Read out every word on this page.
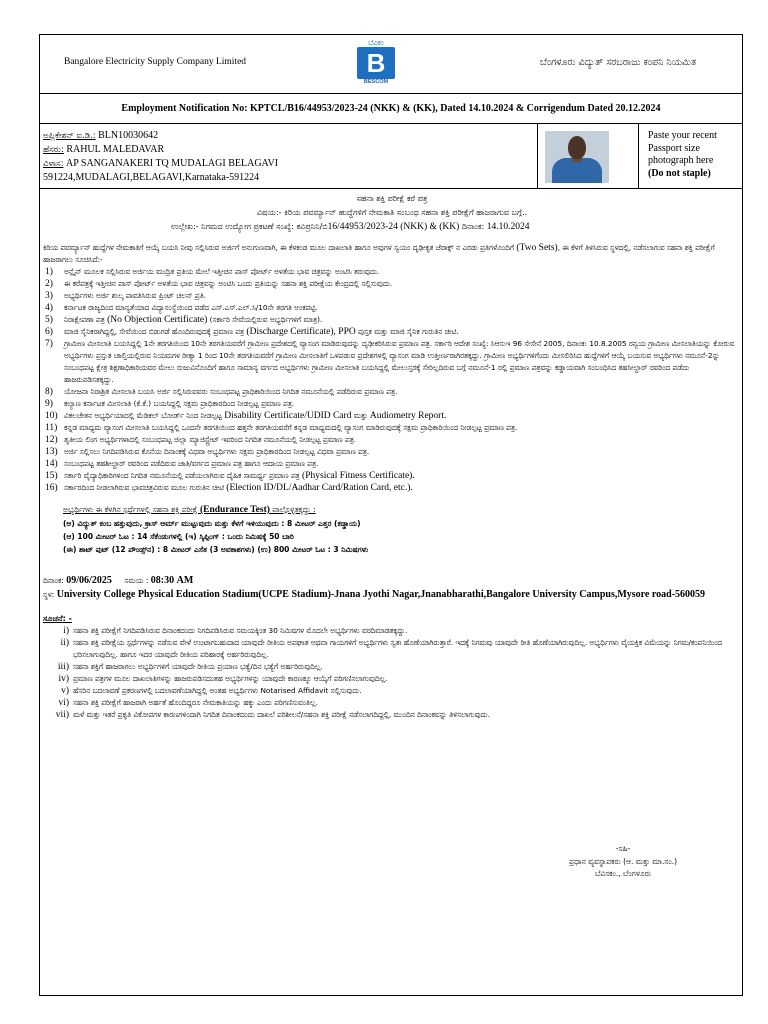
Bangalore Electricity Supply Company Limited
ಬೆವಿಕಂ
B
BESCOM
ಬೆಂಗಳೂರು ವಿದ್ಯುತ್ ಸರಬರಾಜು ಕಂಪನಿ ನಿಯಮಿತ
Employment Notification No: KPTCL/B16/44953/2023-24 (NKK) & (KK), Dated 14.10.2024 & Corrigendum Dated 20.12.2024
ಅಪ್ಲಿಕೇಶನ್ ಐ.ಡಿ.: BLN10030642
ಹೆಸರು: RAHUL MALEDAVAR
ವಿಳಾಸ: AP SANGANAKERI TQ MUDALAGI BELAGAVI
591224,MUDALAGI,BELAGAVI,Karnataka-591224
Paste your recent
Passport size
photograph here
(Do not staple)
ಸಹನಾ ಶಕ್ತಿ ಪರೀಕ್ಷೆ ಕರೆ ಪತ್ರ
ವಿಷಯ:- ಕಿರಿಯ ಪವರ್ಮ್ಯಾನ್ ಹುದ್ದೆಗಳಿಗೆ ನೇಮಕಾತಿ ಸಂಬಂಧ ಸಹನಾ ಶಕ್ತಿ ಪರೀಕ್ಷೆಗೆ ಹಾಜರಾಗುವ ಬಗ್ಗೆ..
ಉಲ್ಲೇಖ:- ನಿಗಮದ ಉದ್ಯೋಗ ಪ್ರಕಟಣೆ ಸಂಖ್ಯೆ: ಕವಿಪ್ರನಿನಿ/ಬಿ16/44953/2023-24 (NKK) & (KK) ದಿನಾಂಕ: 14.10.2024
ಕಿರಿಯ ಪವರ್ಮ್ಯಾನ್ ಹುದ್ದೆಗಳ ನೇಮಕಾತಿಗೆ ಆಯ್ಕೆ ಬಯಸಿ ನೀವು ಸಲ್ಲಿಸಿರುವ ಅರ್ಜಿಗೆ ಅನುಗುಣವಾಗಿ, ಈ ಕೆಳಕಂಡ ಮೂಲ ದಾಖಲಾತಿ ಹಾಗೂ ಅವುಗಳ ಸ್ವಯಂ ದೃಢೀಕೃತ ಜೆರಾಕ್ಸ್ ನ ಎರಡು ಪ್ರತಿಗಳೊಂದಿಗೆ (Two Sets), ಈ ಕೆಳಗೆ ತಿಳಿಸಿರುವ ಸ್ಥಳದಲ್ಲಿ, ನಡೆಸಲಾಗುವ ಸಹನಾ ಶಕ್ತಿ ಪರೀಕ್ಷೆಗೆ ಹಾಜರಾಗಲು ಸೂಚಿಸಿದೆ:-
1) ಅನ್ಲೈನ್ ಮೂಲಕ ಸಲ್ಲಿಸಿರುವ ಅರ್ಜಿಯ ಮುದ್ರಿತ ಪ್ರತಿಯ ಮೇಲೆ ಇತ್ತೀಚಿನ ಪಾಸ್ ಪೋರ್ಟ್ ಅಳತೆಯ ಭಾವ ಚಿತ್ರವನ್ನು ಅಂಟಿಸಿ ತರುವುದು.
2) ಈ ಕರೆಪತ್ರಕ್ಕೆ ಇತ್ತೀಚಿನ ಪಾಸ್ ಪೋರ್ಟ್ ಅಳತೆಯ ಭಾವ ಚಿತ್ರವನ್ನು ಅಂಟಿಸಿ ಒಂದು ಪ್ರತಿಯನ್ನು ಸಹನಾ ಶಕ್ತಿ ಪರೀಕ್ಷೆಯ ಕೇಂದ್ರದಲ್ಲಿ ಸಲ್ಲಿಸುವುದು.
3) ಅಭ್ಯರ್ಥಿಗಳು ಅರ್ಜಿ ಶುಲ್ಕ ಪಾವತಿಸಿರುವ ಪ್ರಿಂಟ್ ಚಲನ್ ಪ್ರತಿ.
4) ಕರ್ನಾಟಕ ರಾಜ್ಯದಿಂದ ಮಾನ್ಯತೆಯಾದ ವಿದ್ಯಾಸಂಸ್ಥೆಯಿಂದ ಪಡೆದ ಎಸ್.ಎಸ್.ಎಲ್.ಸಿ/10ನೇ ತರಗತಿ ಅಂಕಪಟ್ಟಿ.
5) ನಿರಾಕ್ಷೇಪಣಾ ಪತ್ರ (No Objection Certificate) (ಸರ್ಕಾರಿ ಸೇವೆಯಲ್ಲಿರುವ ಅಭ್ಯರ್ಥಿಗಳಿಗೆ ಮಾತ್ರ).
6) ಮಾಜಿ ಸೈನಿಕರಾಗಿದ್ದಲ್ಲಿ, ಸೇವೆಯಿಂದ ಬಿಡುಗಡೆ ಹೊಂದಿರುವುದಕ್ಕೆ ಪ್ರಮಾಣ ಪತ್ರ (Discharge Certificate), PPO ಪುಸ್ತಕ ಮತ್ತು ಮಾಜಿ ಸೈನಿಕ ಗುರುತಿನ ಚೀಟಿ.
7) ಗ್ರಾಮೀಣ ಮೀಸಲಾತಿ ಬಯಸಿದ್ದಲ್ಲಿ 1ನೇ ತರಗತಿಯಿಂದ 10ನೇ ತರಗತಿಯವರೆಗೆ ಗ್ರಾಮೀಣ ಪ್ರದೇಶದಲ್ಲಿ ವ್ಯಾಸಂಗ ಮಾಡಿರುವುದನ್ನು ದೃಢೀಕರಿಸಿರುವ ಪ್ರಮಾಣ ಪತ್ರ. ಸರ್ಕಾರಿ ಆದೇಶ ಸಂಖ್ಯೆ: ಸಿಆಸುಇ 96 ಸೇಸೇನೆ 2005, ದಿನಾಂಕ: 10.8.2005 ರನ್ವಯ ಗ್ರಾಮೀಣ ಮೀಸಲಾತಿಯನ್ನು ಕೋರುವ ಅಭ್ಯರ್ಥಿಗಳು ಪ್ರಸ್ತುತ ಚಾಲ್ತಿಯಲ್ಲಿರುವ ನಿಯಮಗಳ ರೀತ್ಯಾ 1 ರಿಂದ 10ನೇ ತರಗತಿಯವರೆಗೆ ಗ್ರಾಮೀಣ ಮೀಸಲಾತಿಗೆ ಒಳಪಡುವ ಪ್ರದೇಶಗಳಲ್ಲಿ ವ್ಯಾಸಂಗ ಮಾಡಿ ಉತ್ತೀರ್ಣರಾಗಿರತಕ್ಕದ್ದು. ಗ್ರಾಮೀಣ ಅಭ್ಯರ್ಥಿಗಳಿಗೆಂದು ಮೀಸಲಿರಿಸಿದ ಹುದ್ದೆಗಳಿಗೆ ಆಯ್ಕೆ ಬಯಸುವ ಅಭ್ಯರ್ಥಿಗಳು ನಮೂನೆ-2ನ್ನು ಸಂಬಂಧಪಟ್ಟ ಕ್ಷೇತ್ರ ಶಿಕ್ಷಣಾಧಿಕಾರಿಯವರ ಮೇಲು ರುಜುವಿನೊಂದಿಗೆ ಹಾಗೂ ಸಾಮಾನ್ಯ ವರ್ಗದ ಅಭ್ಯರ್ಥಿಗಳು ಗ್ರಾಮೀಣ ಮೀಸಲಾತಿ ಬಯಸಿದ್ದಲ್ಲಿ ಮೇಲುಸ್ತರಕ್ಕೆ ಸೇರಿಲ್ಲದಿರುವ ಬಗ್ಗೆ ನಮೂನೆ-1 ರಲ್ಲಿ ಪ್ರಮಾಣ ಪತ್ರವನ್ನು ಕಡ್ಡಾಯವಾಗಿ ಸಂಬಂಧಿಸಿದ ತಹಸೀಲ್ದಾರ್ ರವರಿಂದ ಪಡೆದು ಹಾಜರುಪಡಿಸತಕ್ಕದ್ದು.
8) ಯೋಜನಾ ನಿರಾಶ್ರಿತ ಮೀಸಲಾತಿ ಬಯಸಿ ಅರ್ಜಿ ಸಲ್ಲಿಸಿರುವವರು ಸಂಬಂಧಪಟ್ಟ ಪ್ರಾಧಿಕಾರಿಯಿಂದ ನಿಗದಿತ ನಮೂನೆಯಲ್ಲಿ ಪಡೆದಿರುವ ಪ್ರಮಾಣ ಪತ್ರ.
9) ಕಲ್ಯಾಣ ಕರ್ನಾಟಕ ಮೀಸಲಾತಿ (ಕೆ.ಕೆ.) ಬಯಸಿದ್ದಲ್ಲಿ ಸಕ್ಷಮ ಪ್ರಾಧಿಕಾರದಿಂದ ನೀಡಲ್ಪಟ್ಟ ಪ್ರಮಾಣ ಪತ್ರ.
10) ವಿಕಲಚೇತನ ಅಭ್ಯರ್ಥಿಯಾದಲ್ಲಿ ಮೆಡಿಕಲ್ ಬೋರ್ಡ್ ನಿಂದ ನೀಡಲ್ಪಟ್ಟ Disability Certificate/UDID Card ಮತ್ತು Audiometry Report.
11) ಕನ್ನಡ ಮಾಧ್ಯಮ ವ್ಯಾಸಂಗ ಮೀಸಲಾತಿ ಬಯಸಿದ್ದಲ್ಲಿ ಒಂದನೇ ತರಗತಿಯಿಂದ ಹತ್ತನೇ ತರಗತಿಯವರೆಗೆ ಕನ್ನಡ ಮಾಧ್ಯಮದಲ್ಲಿ ವ್ಯಾಸಂಗ ಮಾಡಿರುವುದಕ್ಕೆ ಸಕ್ಷಮ ಪ್ರಾಧಿಕಾರಿಯಿಂದ ನೀಡಲ್ಪಟ್ಟ ಪ್ರಮಾಣ ಪತ್ರ.
12) ತೃತೀಯ ಲಿಂಗ ಅಭ್ಯರ್ಥಿಗಳಾದಲ್ಲಿ ಸಂಬಂಧಪಟ್ಟ ಜಿಲ್ಲಾ ಮ್ಯಾಜಿಸ್ಟ್ರೇಟ್ ಇವರಿಂದ ನಿಗದಿತ ನಮೂನೆಯಲ್ಲಿ ನೀಡಲ್ಪಟ್ಟ ಪ್ರಮಾಣ ಪತ್ರ.
13) ಅರ್ಜಿ ಸಲ್ಲಿಸಲು ನಿಗದಿಪಡಿಸಿರುವ ಕೊನೆಯ ದಿನಾಂಕಕ್ಕೆ ವಿಧವಾ ಅಭ್ಯರ್ಥಿಗಳು ಸಕ್ಷಮ ಪ್ರಾಧಿಕಾರದಿಂದ ನೀಡಲ್ಪಟ್ಟ ವಿಧವಾ ಪ್ರಮಾಣ ಪತ್ರ.
14) ಸಂಬಂಧಪಟ್ಟ ತಹಶೀಲ್ದಾರ್ ರವರಿಂದ ಪಡೆದಿರುವ ಜಾತಿ/ವರ್ಗದ ಪ್ರಮಾಣ ಪತ್ರ ಹಾಗೂ ಆದಾಯ ಪ್ರಮಾಣ ಪತ್ರ.
15) ಸರ್ಕಾರಿ ವೈದ್ಯಾಧಿಕಾರಿಗಳಿಂದ ನಿಗದಿತ ನಮೂನೆಯಲ್ಲಿ ಪಡೆಯಲಾಗಿರುವ ದೈಹಿಕ ಸಾಮರ್ಥ್ಯ ಪ್ರಮಾಣ ಪತ್ರ (Physical Fitness Certificate).
16) ಸರ್ಕಾರದಿಂದ ನೀಡಲಾಗಿರುವ ಭಾವಚಿತ್ರವಿರುವ ಮೂಲ ಗುರುತಿನ ಚೀಟಿ (Election ID/DL/Aadhar Card/Ration Card, etc.).
ಅಭ್ಯರ್ಥಿಗಳು ಈ ಕೆಳಗಿನ ಸ್ಪರ್ಧೆಗಳಲ್ಲಿ ಸಹನಾ ಶಕ್ತಿ ಪರೀಕ್ಷೆ (Endurance Test) ಪಾಲ್ಗೊಳ್ಳತಕ್ಕದ್ದು :
(ಅ) ವಿದ್ಯುತ್ ಕಂಬ ಹತ್ತುವುದು, ಕ್ರಾಸ್ ಆರ್ಮ್ ಮುಟ್ಟುವುದು ಮತ್ತು ಕೆಳಗೆ ಇಳಿಯುವುದು : 8 ಮೀಟರ್ ಎತ್ತರ (ಕಡ್ಡಾಯ)
(ಆ) 100 ಮೀಟರ್ ಓಟ : 14 ಸೆಕೆಂಡುಗಳಲ್ಲಿ (ಇ) ಸ್ಕಿಪ್ಪಿಂಗ್ : ಒಂದು ನಿಮಿಷಕ್ಕೆ 50 ಬಾರಿ
(ಈ) ಶಾಟ್ ಪುಟ್ (12 ಪೌಂಡ್ಸ್‌ನ) : 8 ಮೀಟರ್ ಎಸೆತ (3 ಅವಕಾಶಗಳು) (ಉ) 800 ಮೀಟರ್ ಓಟ : 3 ನಿಮಿಷಗಳು
ದಿನಾಂಕ: 09/06/2025 ಸಮಯ : 08:30 AM
ಸ್ಥಳ: University College Physical Education Stadium(UCPE Stadium)-Jnana Jyothi Nagar,Jnanabharathi,Bangalore University Campus,Mysore road-560059
ಸೂಚನೆ: -
i) ಸಹನಾ ಶಕ್ತಿ ಪರೀಕ್ಷೆಗೆ ನಿಗದಿಪಡಿಸಿರುವ ದಿನಾಂಕದಂದು ನಿಗದಿಪಡಿಸಿರುವ ಸಮಯಕ್ಕಿಂತ 30 ನಿಮಿಷಗಳ ಮೊದಲೇ ಅಭ್ಯರ್ಥಿಗಳು ವರದಿಮಾಡತಕ್ಕದ್ದು.
ii) ಸಹನಾ ಶಕ್ತಿ ಪರೀಕ್ಷೆಯ ಸ್ಪರ್ಧೆಗಳನ್ನು ನಡೆಸುವ ವೇಳೆ ಉಂಟಾಗಬಹುದಾದ ಯಾವುದೇ ರೀತಿಯ ಅಪಘಾತ ಅಥವಾ ಗಾಯಗಳಿಗೆ ಅಭ್ಯರ್ಥಿಗಳು ಸ್ವತಃ ಹೊಣೆಯಾಗಿರುತ್ತಾರೆ. ಇದಕ್ಕೆ ನಿಗಮವು ಯಾವುದೇ ರೀತಿ ಹೊಣೆಯಾಗಿರುವುದಿಲ್ಲ. ಅಭ್ಯರ್ಥಿಗಳು ವೈಯಕ್ತಿಕ ವಿಮೆಯನ್ನು ನಿಗಮ/ಕಂಪನಿಯಿಂದ ಭರಿಸಲಾಗುವುದಿಲ್ಲ. ಹಾಗೂ ಇದರ ಯಾವುದೇ ರೀತಿಯ ಪರಿಹಾರಕ್ಕೆ ಅರ್ಹರಿರುವುದಿಲ್ಲ.
iii) ಸಹನಾ ಶಕ್ತಿಗೆ ಹಾಜರಾಗಲು ಅಭ್ಯರ್ಥಿಗಳಿಗೆ ಯಾವುದೇ ರೀತಿಯ ಪ್ರಯಾಣ ಭತ್ಯೆ/ದಿನ ಭತ್ಯೆಗೆ ಅರ್ಹರಿರುವುದಿಲ್ಲ.
iv) ಪ್ರಮಾಣ ಪತ್ರಗಳ ಮೂಲ ದಾಖಲಾತಿಗಳನ್ನು ಹಾಜರುಪಡಿಸದಂತಹ ಅಭ್ಯರ್ಥಿಗಳನ್ನು ಯಾವುದೇ ಕಾರಣಕ್ಕೂ ಆಯ್ಕೆಗೆ ಪರಿಗಣಿಸಲಾಗುವುದಿಲ್ಲ.
v) ಹೆಸರಿನ ಬದಲಾವಣೆ ಪ್ರಕರಣಗಳಲ್ಲಿ ಬದಲಾವಣೆಯಾಗಿದ್ದಲ್ಲಿ ಅಂತಹ ಅಭ್ಯರ್ಥಿಗಳು Notarised Affidavit ಸಲ್ಲಿಸುವುದು.
vi) ಸಹನಾ ಶಕ್ತಿ ಪರೀಕ್ಷೆಗೆ ಹಾಜರಾಗಿ ಅರ್ಹತೆ ಹೊಂದಿದ್ದರೂ ನೇಮಕಾತಿಯನ್ನು ಹಕ್ಕು ಎಂದು ಪರಿಗಣಿಸುವಂತಿಲ್ಲ.
vii) ಮಳೆ ಮತ್ತು ಇತರೆ ಪ್ರಕೃತಿ ವಿಕೋಪಗಳ ಕಾರಣಗಳಿಂದಾಗಿ ನಿಗದಿತ ದಿನಾಂಕದಂದು ದಾಖಲೆ ಪರಿಶೀಲನೆ/ಸಹನಾ ಶಕ್ತಿ ಪರೀಕ್ಷೆ ನಡೆಸಲಾಗದಿದ್ದಲ್ಲಿ, ಮುಂದಿನ ದಿನಾಂಕವನ್ನು ತಿಳಿಸಲಾಗುವುದು.
-ಸಹಿ-
ಪ್ರಧಾನ ವ್ಯವಸ್ಥಾಪಕರು (ಆ. ಮತ್ತು ಮಾ.ಸಂ.)
ಬೆವಿಸಕಂ., ಬೆಂಗಳೂರು
